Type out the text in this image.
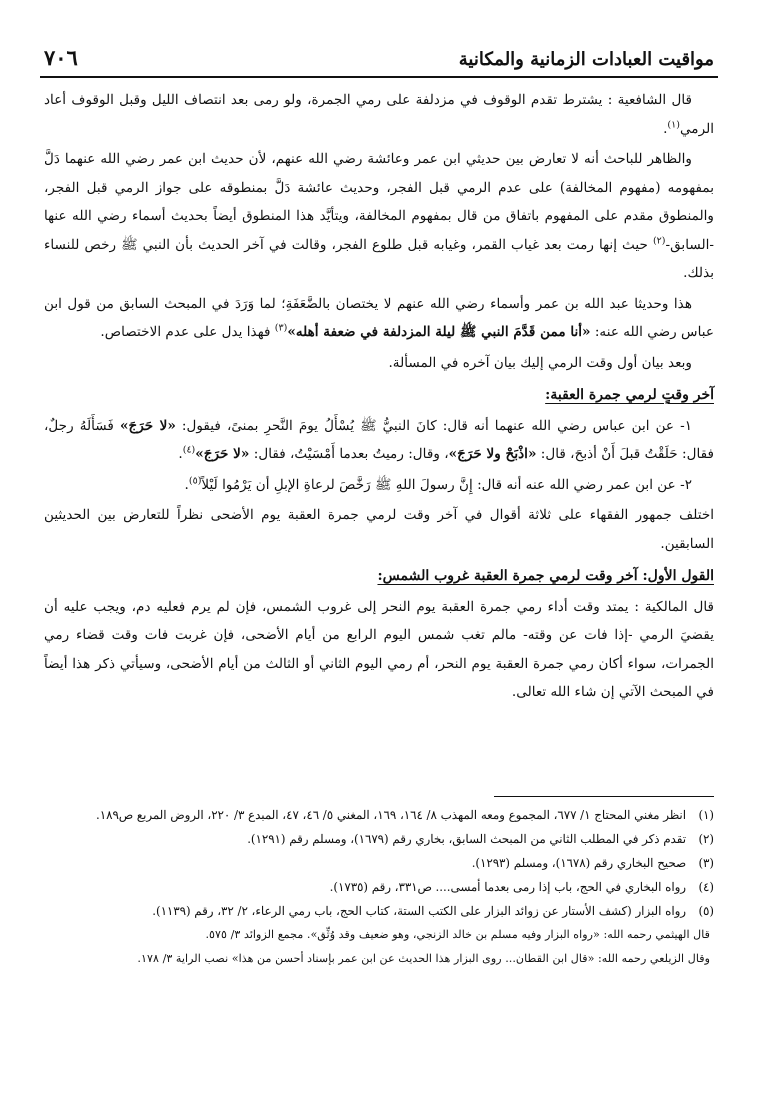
مواقيت العبادات الزمانية والمكانية
٧٠٦

قال الشافعية : يشترط تقدم الوقوف في مزدلفة على رمي الجمرة، ولو رمى بعد انتصاف الليل وقبل الوقوف أعاد الرمي$^{(١)}$.

والظاهر للباحث أنه لا تعارض بين حديثي ابن عمر وعائشة رضي الله عنهم، لأن حديث ابن عمر رضي الله عنهما دَلَّ بمفهومه (مفهوم المخالفة) على عدم الرمي قبل الفجر، وحديث عائشة دَلَّ بمنطوقه على جواز الرمي قبل الفجر، والمنطوق مقدم على المفهوم باتفاق من قال بمفهوم المخالفة، ويتأيَّد هذا المنطوق أيضاً بحديث أسماء رضي الله عنها -السابق-$^{(٢)}$ حيث إنها رمت بعد غياب القمر، وغيابه قبل طلوع الفجر، وقالت في آخر الحديث بأن النبي ﷺ رخص للنساء بذلك.

هذا وحديثا عبد الله بن عمر وأسماء رضي الله عنهم لا يختصان بالضَّعَفَةِ؛ لما وَرَدَ في المبحث السابق من قول ابن عباس رضي الله عنه: «أنا ممن قَدَّمَ النبي ﷺ ليلة المزدلفة في ضعفة أهله»$^{(٣)}$ فهذا يدل على عدم الاختصاص.

وبعد بيان أول وقت الرمي إليك بيان آخره في المسألة.

آخر وقتٍ لرمي جمرة العقبة:

١- عن ابن عباس رضي الله عنهما أنه قال: كانَ النبيُّ ﷺ يُسْأَلُ يومَ النَّحرِ بمنىً، فيقول: «لا حَرَجَ» فَسَأَلَهُ رجلٌ، فقال: حَلَقْتُ قبلَ أَنْ أذبحَ، قال: «اذْبَحْ ولا حَرَجَ»، وقال: رميتُ بعدما أَمْسَيْتُ، فقال: «لا حَرَجَ»$^{(٤)}$.

٢- عن ابن عمر رضي الله عنه أنه قال: إِنَّ رسولَ اللهِ ﷺ رَخَّصَ لرعاةِ الإبلِ أن يَرْمُوا لَيْلاً$^{(٥)}$.

اختلف جمهور الفقهاء على ثلاثة أقوال في آخر وقت لرمي جمرة العقبة يوم الأضحى نظراً للتعارض بين الحديثين السابقين.

القول الأول: آخر وقت لرمي جمرة العقبة غروب الشمس:

قال المالكية : يمتد وقت أداء رمي جمرة العقبة يوم النحر إلى غروب الشمس، فإن لم يرم فعليه دم، ويجب عليه أن يقضيَ الرمي -إذا فات عن وقته- مالم تغب شمس اليوم الرابع من أيام الأضحى، فإن غربت فات وقت قضاء رمي الجمرات، سواء أكان رمي جمرة العقبة يوم النحر، أم رمي اليوم الثاني أو الثالث من أيام الأضحى، وسيأتي ذكر هذا أيضاً في المبحث الآتي إن شاء الله تعالى.

(١)
انظر مغني المحتاج ١/ ٦٧٧، المجموع ومعه المهذب ٨/ ١٦٤، ١٦٩، المغني ٥/ ٤٦، ٤٧، المبدع ٣/ ٢٢٠، الروض المربع ص١٨٩.
(٢)
تقدم ذكر في المطلب الثاني من المبحث السابق، بخاري رقم (١٦٧٩)، ومسلم رقم (١٢٩١).
(٣)
صحيح البخاري رقم (١٦٧٨)، ومسلم (١٢٩٣).
(٤)
رواه البخاري في الحج، باب إذا رمى بعدما أمسى.... ص٣٣١، رقم (١٧٣٥).
(٥)
رواه البزار (كشف الأستار عن زوائد البزار على الكتب الستة، كتاب الحج، باب رمي الرعاء، ٢/ ٣٢، رقم (١١٣٩).
قال الهيثمي رحمه الله: «رواه البزار وفيه مسلم بن خالد الزنجي، وهو ضعيف وقد وُثِّق». مجمع الزوائد ٣/ ٥٧٥.
وقال الزيلعي رحمه الله: «قال ابن القطان... روى البزار هذا الحديث عن ابن عمر بإسناد أحسن من هذا» نصب الراية ٣/ ١٧٨.
